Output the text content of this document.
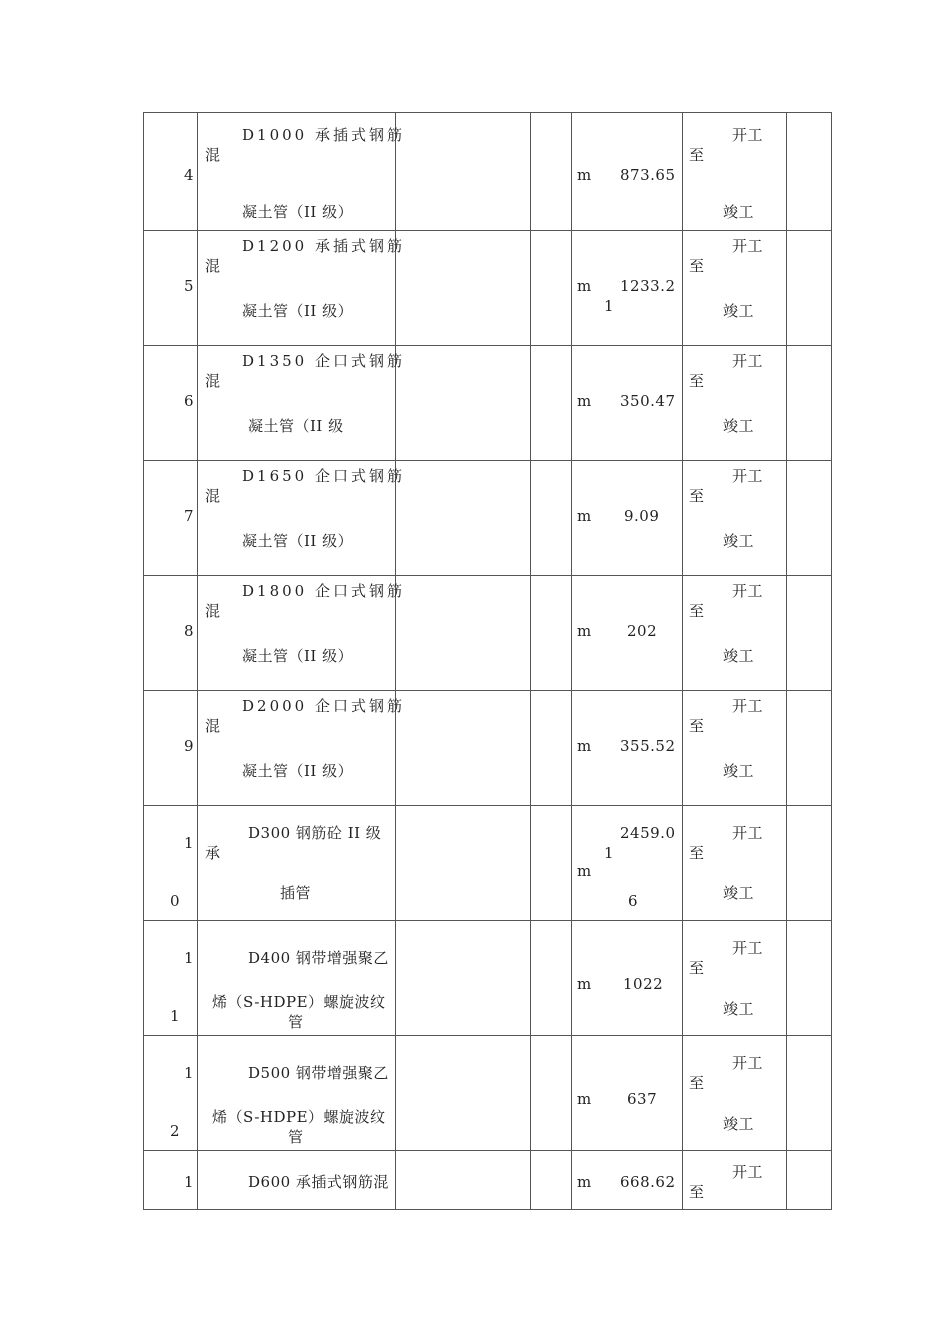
4
D1000 承插式钢筋
混
凝土管（II 级）
m 873.65
开工
至
竣工
5
D1200 承插式钢筋
混
凝土管（II 级）
m 1233.2
1
开工
至
竣工
6
D1350 企口式钢筋
混
凝土管（II 级
m 350.47
开工
至
竣工
7
D1650 企口式钢筋
混
凝土管（II 级）
m 9.09
开工
至
竣工
8
D1800 企口式钢筋
混
凝土管（II 级）
m 202
开工
至
竣工
9
D2000 企口式钢筋
混
凝土管（II 级）
m 355.52
开工
至
竣工
1
0
D300 钢筋砼 II 级
承
插管
m
2459.0
1
6
开工
至
竣工
1
1
D400 钢带增强聚乙
烯（S-HDPE）螺旋波纹
管
m 1022
开工
至
竣工
1
2
D500 钢带增强聚乙
烯（S-HDPE）螺旋波纹
管
m 637
开工
至
竣工
1	D600 承插式钢筋混	m 668.62
开工
至
